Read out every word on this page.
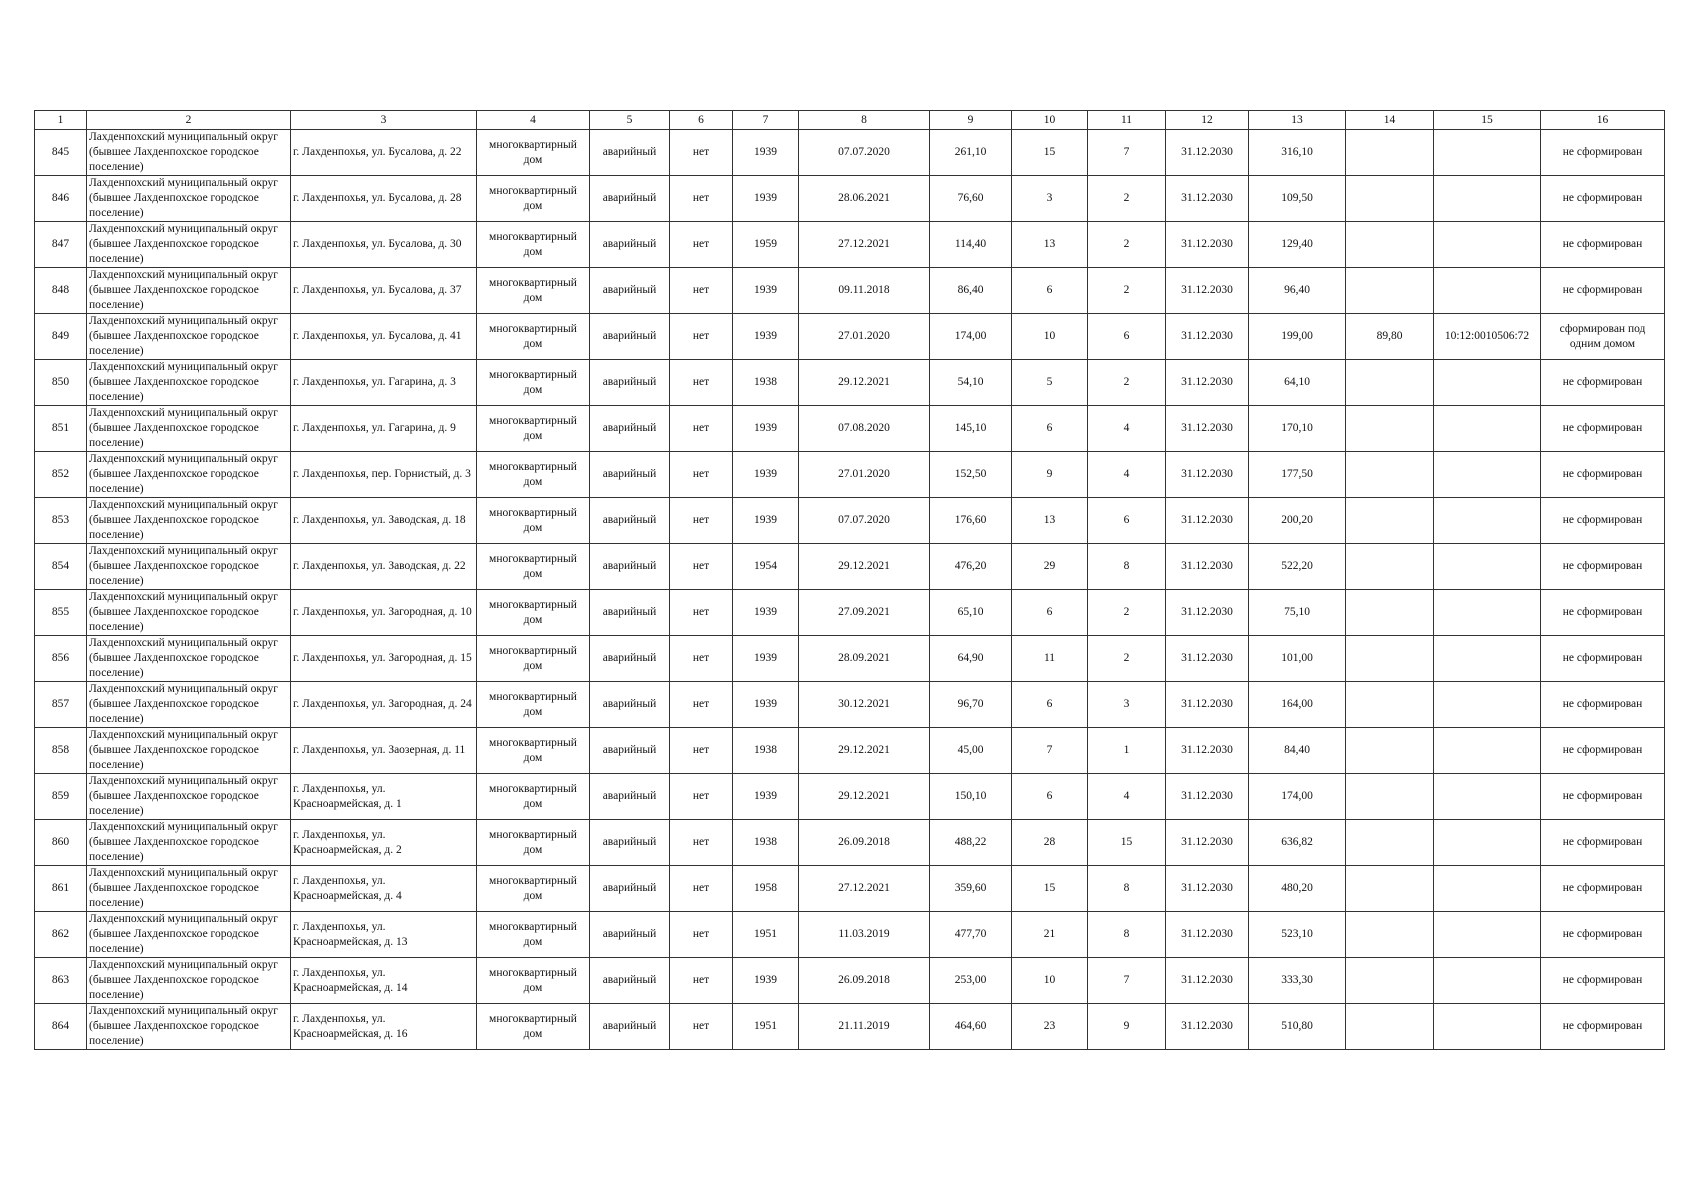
1	2	3	4	5	6	7	8	9	10	11	12	13	14	15	16
845	Лахденпохский муниципальный округ (бывшее Лахденпохское городское поселение)	г. Лахденпохья, ул. Бусалова, д. 22	многоквартирный дом	аварийный	нет	1939	07.07.2020	261,10	15	7	31.12.2030	316,10			не сформирован
846	Лахденпохский муниципальный округ (бывшее Лахденпохское городское поселение)	г. Лахденпохья, ул. Бусалова, д. 28	многоквартирный дом	аварийный	нет	1939	28.06.2021	76,60	3	2	31.12.2030	109,50			не сформирован
847	Лахденпохский муниципальный округ (бывшее Лахденпохское городское поселение)	г. Лахденпохья, ул. Бусалова, д. 30	многоквартирный дом	аварийный	нет	1959	27.12.2021	114,40	13	2	31.12.2030	129,40			не сформирован
848	Лахденпохский муниципальный округ (бывшее Лахденпохское городское поселение)	г. Лахденпохья, ул. Бусалова, д. 37	многоквартирный дом	аварийный	нет	1939	09.11.2018	86,40	6	2	31.12.2030	96,40			не сформирован
849	Лахденпохский муниципальный округ (бывшее Лахденпохское городское поселение)	г. Лахденпохья, ул. Бусалова, д. 41	многоквартирный дом	аварийный	нет	1939	27.01.2020	174,00	10	6	31.12.2030	199,00	89,80	10:12:0010506:72	сформирован под одним домом
850	Лахденпохский муниципальный округ (бывшее Лахденпохское городское поселение)	г. Лахденпохья, ул. Гагарина, д. 3	многоквартирный дом	аварийный	нет	1938	29.12.2021	54,10	5	2	31.12.2030	64,10			не сформирован
851	Лахденпохский муниципальный округ (бывшее Лахденпохское городское поселение)	г. Лахденпохья, ул. Гагарина, д. 9	многоквартирный дом	аварийный	нет	1939	07.08.2020	145,10	6	4	31.12.2030	170,10			не сформирован
852	Лахденпохский муниципальный округ (бывшее Лахденпохское городское поселение)	г. Лахденпохья, пер. Горнистый, д. 3	многоквартирный дом	аварийный	нет	1939	27.01.2020	152,50	9	4	31.12.2030	177,50			не сформирован
853	Лахденпохский муниципальный округ (бывшее Лахденпохское городское поселение)	г. Лахденпохья, ул. Заводская, д. 18	многоквартирный дом	аварийный	нет	1939	07.07.2020	176,60	13	6	31.12.2030	200,20			не сформирован
854	Лахденпохский муниципальный округ (бывшее Лахденпохское городское поселение)	г. Лахденпохья, ул. Заводская, д. 22	многоквартирный дом	аварийный	нет	1954	29.12.2021	476,20	29	8	31.12.2030	522,20			не сформирован
855	Лахденпохский муниципальный округ (бывшее Лахденпохское городское поселение)	г. Лахденпохья, ул. Загородная, д. 10	многоквартирный дом	аварийный	нет	1939	27.09.2021	65,10	6	2	31.12.2030	75,10			не сформирован
856	Лахденпохский муниципальный округ (бывшее Лахденпохское городское поселение)	г. Лахденпохья, ул. Загородная, д. 15	многоквартирный дом	аварийный	нет	1939	28.09.2021	64,90	11	2	31.12.2030	101,00			не сформирован
857	Лахденпохский муниципальный округ (бывшее Лахденпохское городское поселение)	г. Лахденпохья, ул. Загородная, д. 24	многоквартирный дом	аварийный	нет	1939	30.12.2021	96,70	6	3	31.12.2030	164,00			не сформирован
858	Лахденпохский муниципальный округ (бывшее Лахденпохское городское поселение)	г. Лахденпохья, ул. Заозерная, д. 11	многоквартирный дом	аварийный	нет	1938	29.12.2021	45,00	7	1	31.12.2030	84,40			не сформирован
859	Лахденпохский муниципальный округ (бывшее Лахденпохское городское поселение)	г. Лахденпохья, ул. Красноармейская, д. 1	многоквартирный дом	аварийный	нет	1939	29.12.2021	150,10	6	4	31.12.2030	174,00			не сформирован
860	Лахденпохский муниципальный округ (бывшее Лахденпохское городское поселение)	г. Лахденпохья, ул. Красноармейская, д. 2	многоквартирный дом	аварийный	нет	1938	26.09.2018	488,22	28	15	31.12.2030	636,82			не сформирован
861	Лахденпохский муниципальный округ (бывшее Лахденпохское городское поселение)	г. Лахденпохья, ул. Красноармейская, д. 4	многоквартирный дом	аварийный	нет	1958	27.12.2021	359,60	15	8	31.12.2030	480,20			не сформирован
862	Лахденпохский муниципальный округ (бывшее Лахденпохское городское поселение)	г. Лахденпохья, ул. Красноармейская, д. 13	многоквартирный дом	аварийный	нет	1951	11.03.2019	477,70	21	8	31.12.2030	523,10			не сформирован
863	Лахденпохский муниципальный округ (бывшее Лахденпохское городское поселение)	г. Лахденпохья, ул. Красноармейская, д. 14	многоквартирный дом	аварийный	нет	1939	26.09.2018	253,00	10	7	31.12.2030	333,30			не сформирован
864	Лахденпохский муниципальный округ (бывшее Лахденпохское городское поселение)	г. Лахденпохья, ул. Красноармейская, д. 16	многоквартирный дом	аварийный	нет	1951	21.11.2019	464,60	23	9	31.12.2030	510,80			не сформирован
